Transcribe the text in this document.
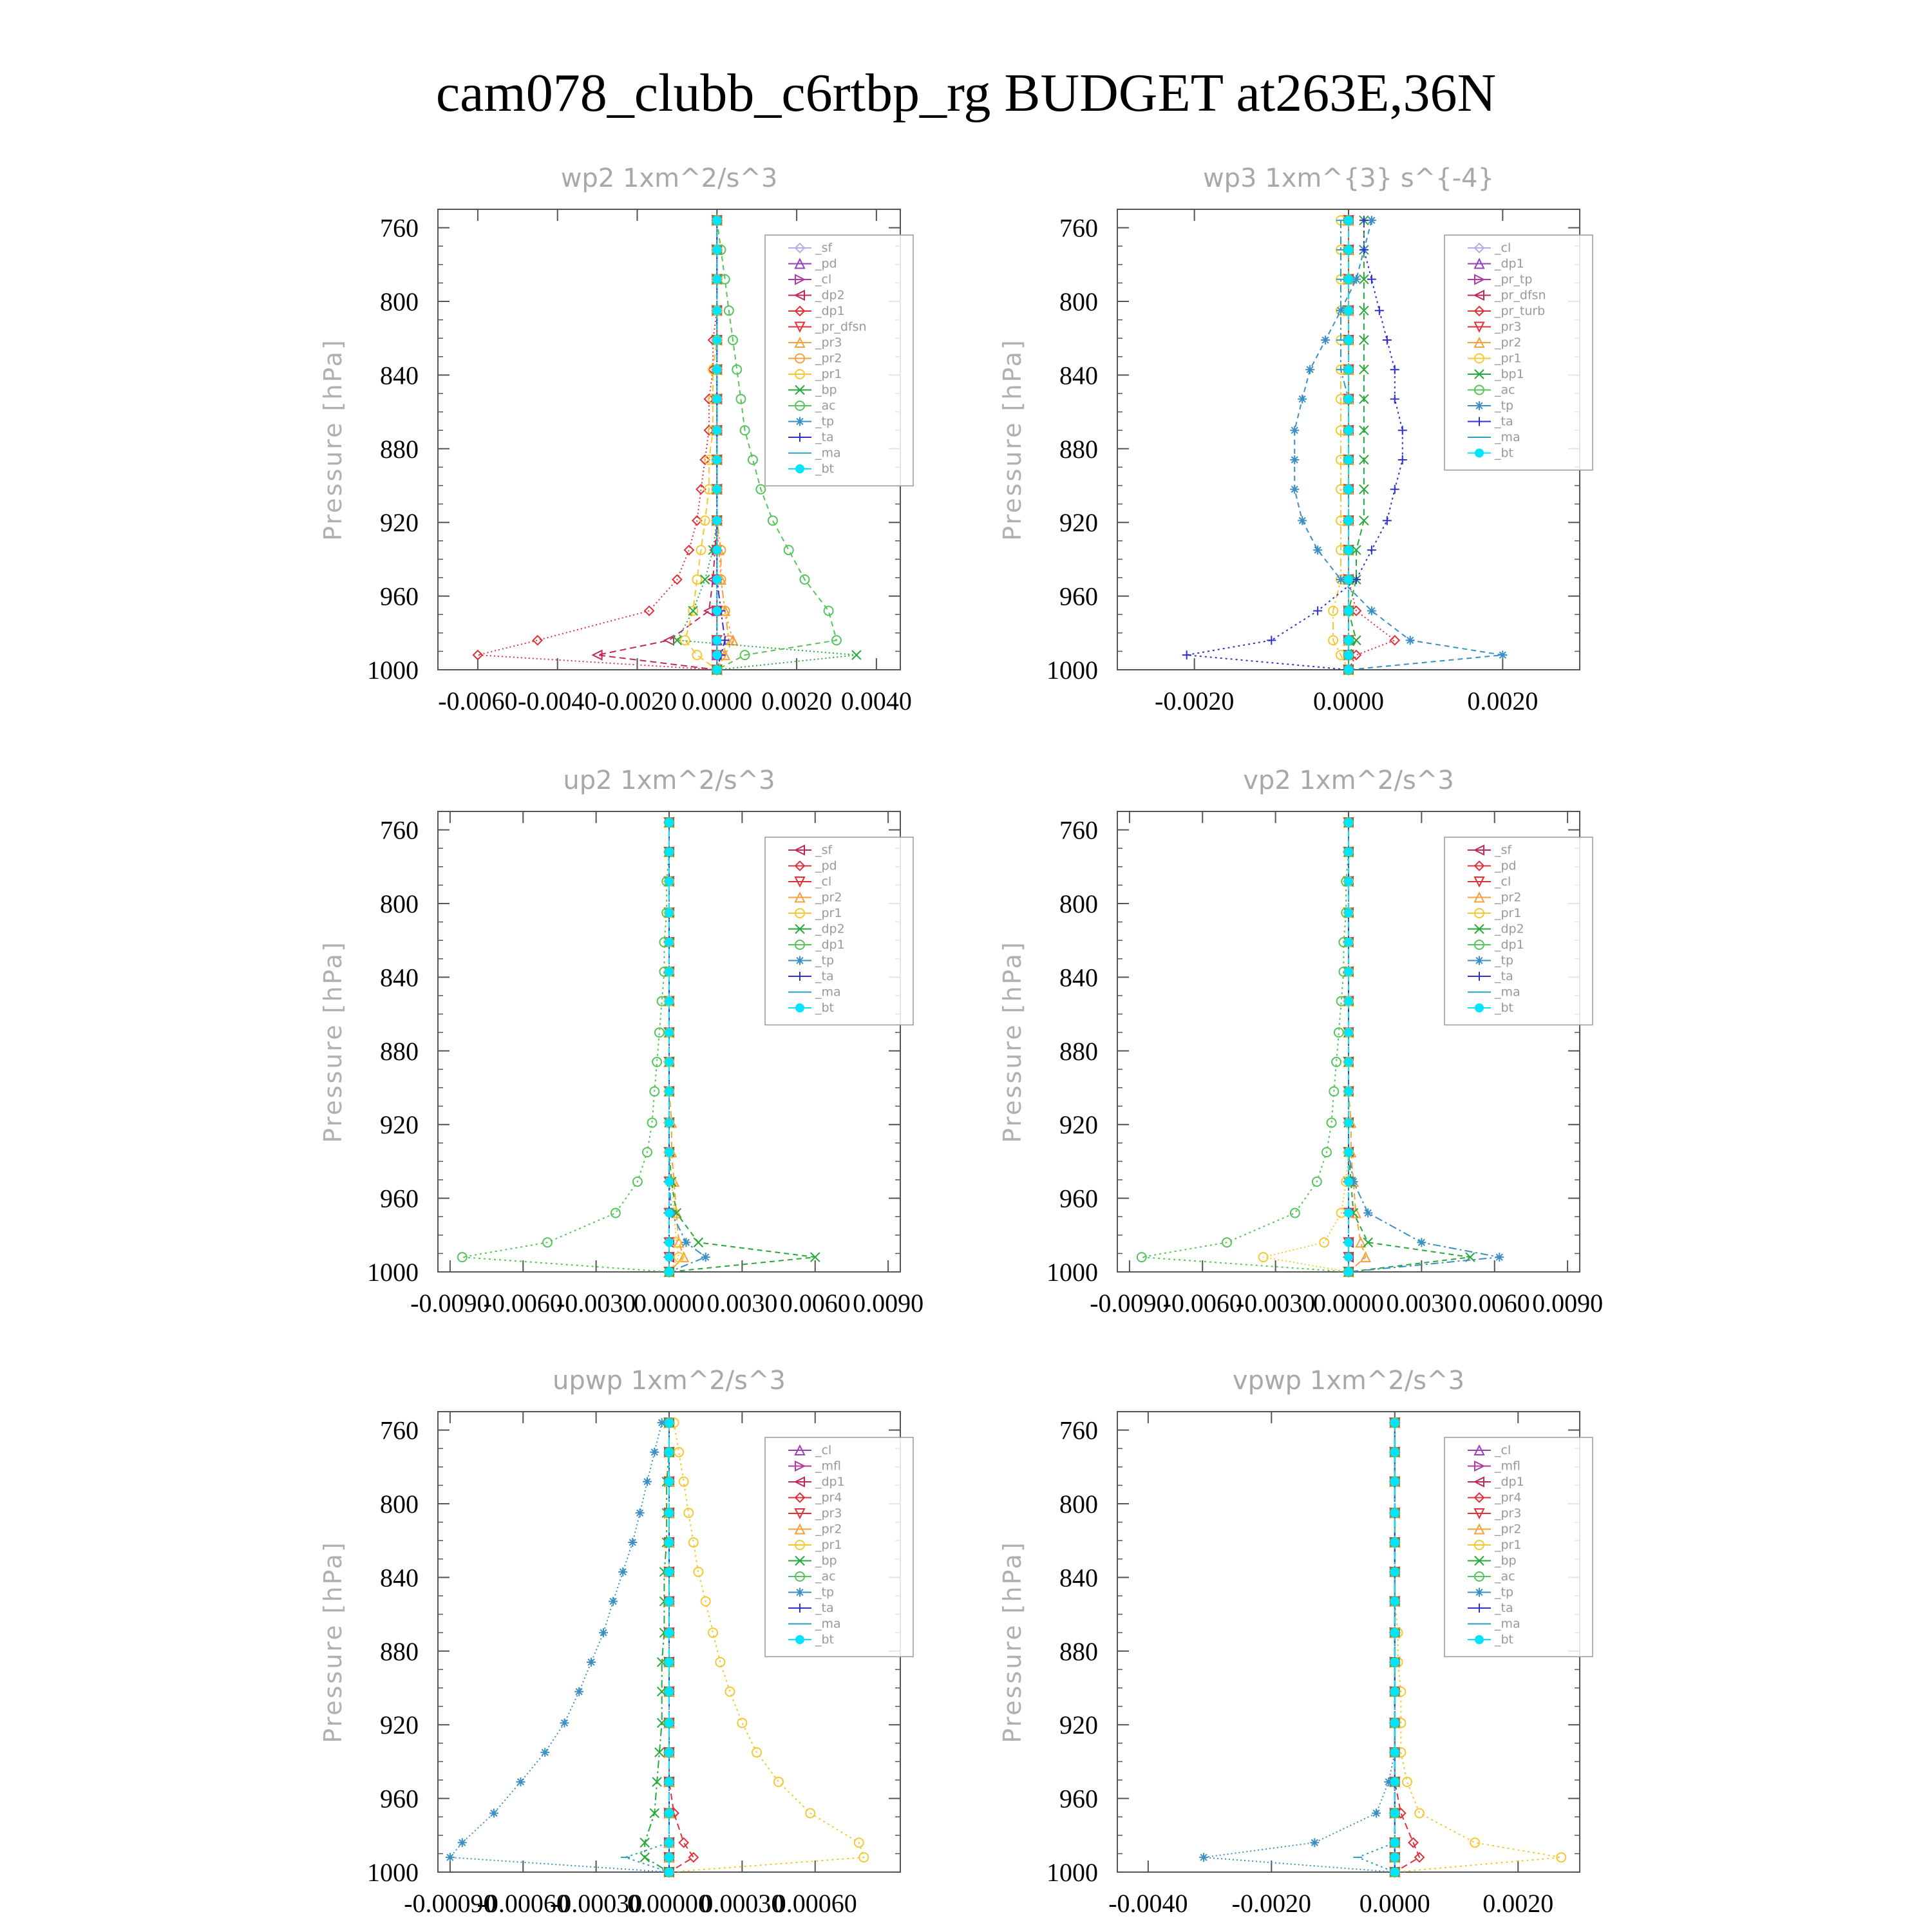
cam078_clubb_c6rtbp_rg BUDGET at263E,36N
wp2 1xm^2/s^3
Pressure [hPa]
760
800
840
880
920
960
1000
-0.0060 -0.0040 -0.0020 0.0000 0.0020 0.0040
_sf
_pd
_cl
_dp2
_dp1
_pr_dfsn
_pr3
_pr2
_pr1
_bp
_ac
_tp
_ta
_ma
_bt
wp3 1xm^{3} s^{-4}
Pressure [hPa]
760
800
840
880
920
960
1000
-0.0020	0.0000	0.0020
_cl
_dp1
_pr_tp
_pr_dfsn
_pr_turb
_pr3
_pr2
_pr1
_bp1
_ac
_tp
_ta
_ma
_bt
up2 1xm^2/s^3
Pressure [hPa]
760
800
840
880
920
960
1000
-0.0090
-0.0060
-0.0030
0.0000 0.0030 0.0060 0.0090
_sf
_pd
_cl
_pr2
_pr1
_dp2
_dp1
_tp
_ta
_ma
_bt
vp2 1xm^2/s^3
Pressure [hPa]
760
800
840
880
920
960
1000
-0.0090
-0.0060
-0.0030
0.0000 0.0030 0.0060 0.0090
_sf
_pd
_cl
_pr2
_pr1
_dp2
_dp1
_tp
_ta
_ma
_bt
upwp 1xm^2/s^3
Pressure [hPa]
760
800
840
880
920
960
1000
-0.00090
-0.00060
-0.00030
0.00000
0.00030
0.00060
_cl
_mfl
_dp1
_pr4
_pr3
_pr2
_pr1
_bp
_ac
_tp
_ta
_ma
_bt
vpwp 1xm^2/s^3
Pressure [hPa]
760
800
840
880
920
960
1000
-0.0040 -0.0020 0.0000 0.0020
_cl
_mfl
_dp1
_pr4
_pr3
_pr2
_pr1
_bp
_ac
_tp
_ta
_ma
_bt
